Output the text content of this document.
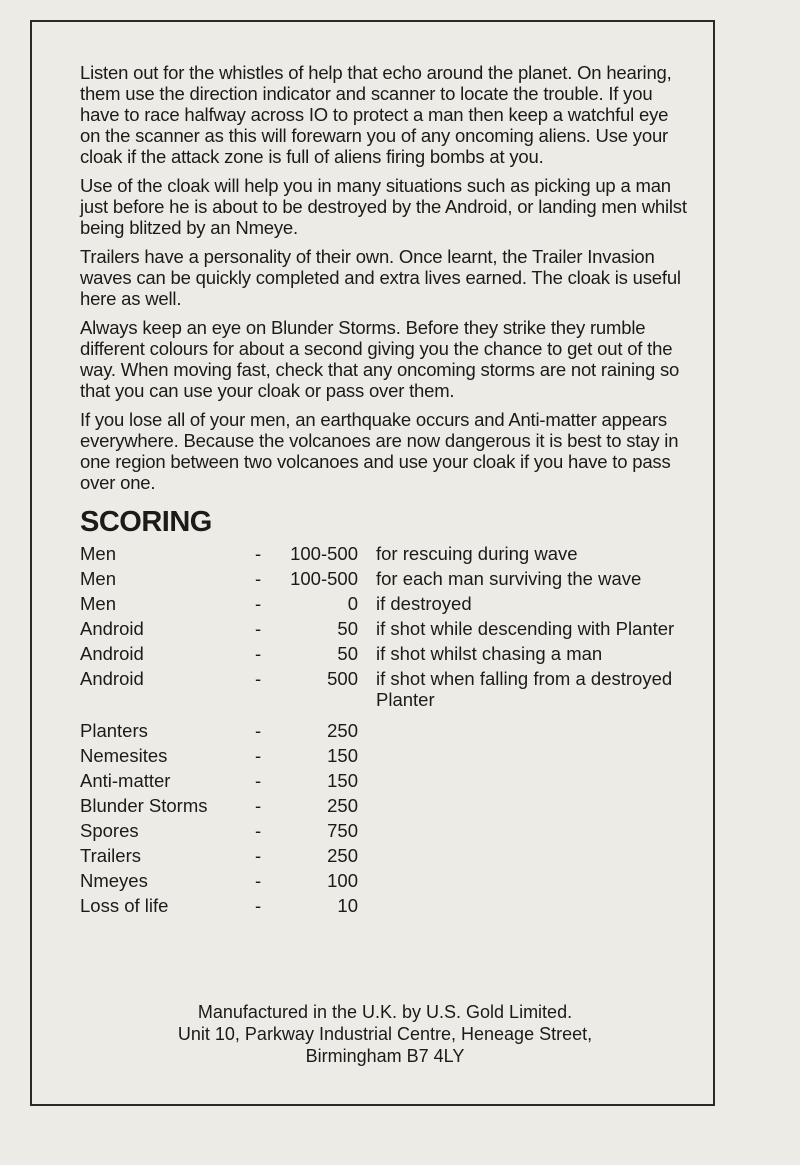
Listen out for the whistles of help that echo around the planet. On hearing, them use the direction indicator and scanner to locate the trouble. If you have to race halfway across IO to protect a man then keep a watchful eye on the scanner as this will forewarn you of any oncoming aliens. Use your cloak if the attack zone is full of aliens firing bombs at you.

Use of the cloak will help you in many situations such as picking up a man just before he is about to be destroyed by the Android, or landing men whilst being blitzed by an Nmeye.

Trailers have a personality of their own. Once learnt, the Trailer Invasion waves can be quickly completed and extra lives earned. The cloak is useful here as well.

Always keep an eye on Blunder Storms. Before they strike they rumble different colours for about a second giving you the chance to get out of the way. When moving fast, check that any oncoming storms are not raining so that you can use your cloak or pass over them.

If you lose all of your men, an earthquake occurs and Anti-matter appears everywhere. Because the volcanoes are now dangerous it is best to stay in one region between two volcanoes and use your cloak if you have to pass over one.

SCORING
Men	-	100-500 for rescuing during wave
Men	-	100-500 for each man surviving the wave
Men	-	0 if destroyed
Android	-	50 if shot while descending with Planter
Android	-	50 if shot whilst chasing a man
Android	-	500 if shot when falling from a destroyed Planter
Planters	-	250
Nemesites	-	150
Anti-matter	-	150
Blunder Storms	-	250
Spores	-	750
Trailers	-	250
Nmeyes	-	100
Loss of life	-	10
Manufactured in the U.K. by U.S. Gold Limited.
Unit 10, Parkway Industrial Centre, Heneage Street,
Birmingham B7 4LY
